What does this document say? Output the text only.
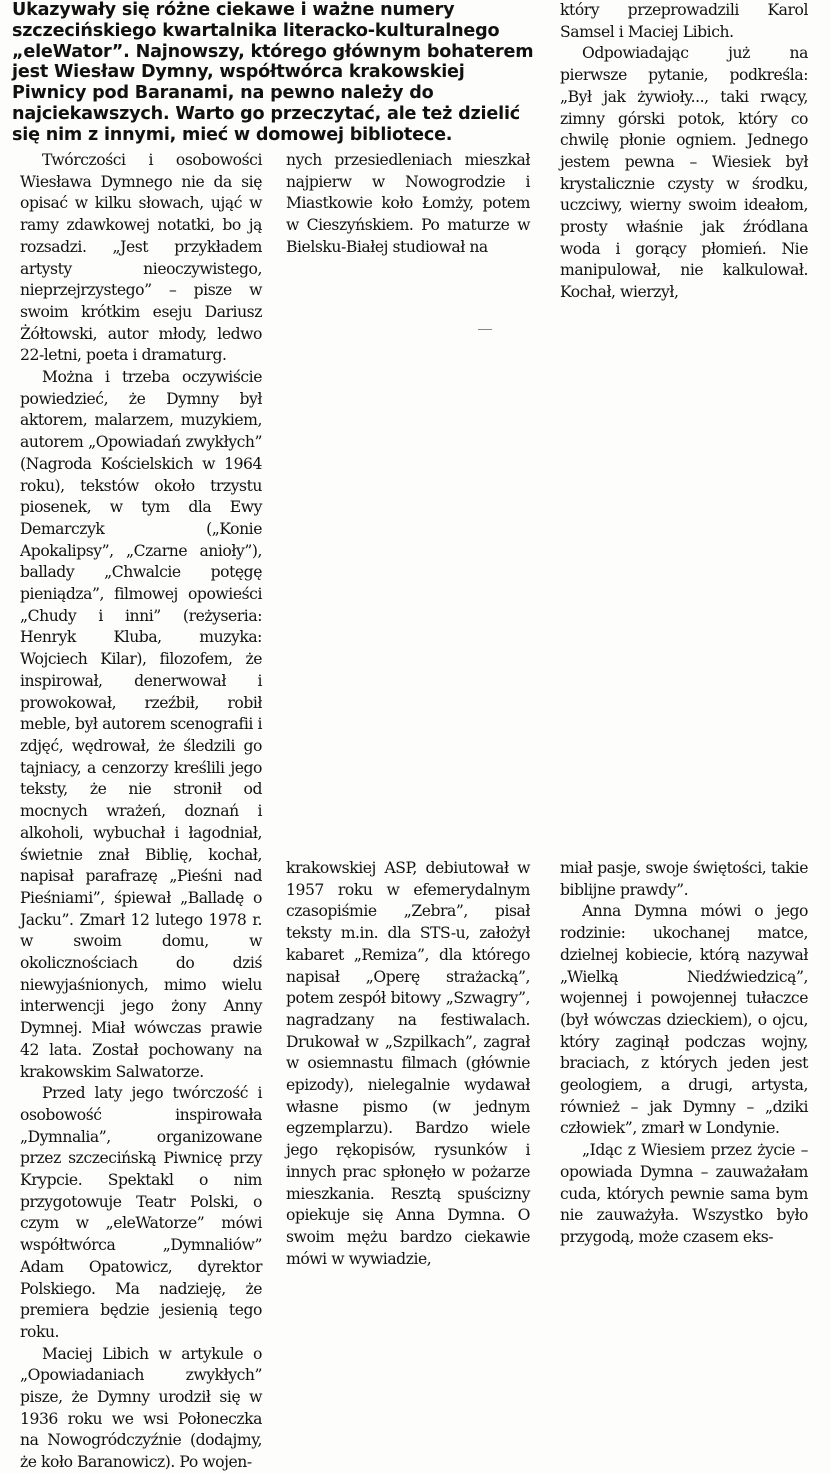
Ukazywały się różne ciekawe i ważne numery szczecińskiego kwartalnika literacko-kulturalnego „eleWator”. Najnowszy, którego głównym bohaterem jest Wiesław Dymny, współtwórca krakowskiej Piwnicy pod Baranami, na pewno należy do najciekawszych. Warto go przeczytać, ale też dzielić się nim z innymi, mieć w domowej bibliotece.

Twórczości i osobowości Wiesława Dymnego nie da się opisać w kilku słowach, ująć w ramy zdawkowej notatki, bo ją rozsadzi. „Jest przykładem artysty nieoczywistego, nieprzejrzystego” – pisze w swoim krótkim eseju Dariusz Żółtowski, autor młody, ledwo 22-letni, poeta i dramaturg.

Można i trzeba oczywiście powiedzieć, że Dymny był aktorem, malarzem, muzykiem, autorem „Opowiadań zwykłych” (Nagroda Kościelskich w 1964 roku), tekstów około trzystu piosenek, w tym dla Ewy Demarczyk („Konie Apokalipsy”, „Czarne anioły”), ballady „Chwalcie potęgę pieniądza”, filmowej opowieści „Chudy i inni” (reżyseria: Henryk Kluba, muzyka: Wojciech Kilar), filozofem, że inspirował, denerwował i prowokował, rzeźbił, robił meble, był autorem scenografii i zdjęć, wędrował, że śledzili go tajniacy, a cenzorzy kreślili jego teksty, że nie stronił od mocnych wrażeń, doznań i alkoholi, wybuchał i łagodniał, świetnie znał Biblię, kochał, napisał parafrazę „Pieśni nad Pieśniami”, śpiewał „Balladę o Jacku”. Zmarł 12 lutego 1978 r. w swoim domu, w okolicznościach do dziś niewyjaśnionych, mimo wielu interwencji jego żony Anny Dymnej. Miał wówczas prawie 42 lata. Został pochowany na krakowskim Salwatorze.

Przed laty jego twórczość i osobowość inspirowała „Dymnalia”, organizowane przez szczecińską Piwnicę przy Krypcie. Spektakl o nim przygotowuje Teatr Polski, o czym w „eleWatorze” mówi współtwórca „Dymnaliów” Adam Opatowicz, dyrektor Polskiego. Ma nadzieję, że premiera będzie jesienią tego roku.

Maciej Libich w artykule o „Opowiadaniach zwykłych” pisze, że Dymny urodził się w 1936 roku we wsi Połoneczka na Nowogródczyźnie (dodajmy, że koło Baranowicz). Po wojen-

nych przesiedleniach mieszkał najpierw w Nowogrodzie i Miastkowie koło Łomży, potem w Cieszyńskiem. Po maturze w Bielsku-Białej studiował na

krakowskiej ASP, debiutował w 1957 roku w efemerydalnym czasopiśmie „Zebra”, pisał teksty m.in. dla STS-u, założył kabaret „Remiza”, dla którego napisał „Operę strażacką”, potem zespół bitowy „Szwagry”, nagradzany na festiwalach. Drukował w „Szpilkach”, zagrał w osiemnastu filmach (głównie epizody), nielegalnie wydawał własne pismo (w jednym egzemplarzu). Bardzo wiele jego rękopisów, rysunków i innych prac spłonęło w pożarze mieszkania. Resztą spuścizny opiekuje się Anna Dymna. O swoim mężu bardzo ciekawie mówi w wywiadzie,

który przeprowadzili Karol Samsel i Maciej Libich.

Odpowiadając już na pierwsze pytanie, podkreśla: „Był jak żywioły..., taki rwący, zimny górski potok, który co chwilę płonie ogniem. Jednego jestem pewna – Wiesiek był krystalicznie czysty w środku, uczciwy, wierny swoim ideałom, prosty właśnie jak źródlana woda i gorący płomień. Nie manipulował, nie kalkulował. Kochał, wierzył,

miał pasje, swoje świętości, takie biblijne prawdy”.

Anna Dymna mówi o jego rodzinie: ukochanej matce, dzielnej kobiecie, którą nazywał „Wielką Niedźwiedzicą”, wojennej i powojennej tułaczce (był wówczas dzieckiem), o ojcu, który zaginął podczas wojny, braciach, z których jeden jest geologiem, a drugi, artysta, również – jak Dymny – „dziki człowiek”, zmarł w Londynie.

„Idąc z Wiesiem przez życie – opowiada Dymna – zauważałam cuda, których pewnie sama bym nie zauważyła. Wszystko było przygodą, może czasem eks-
